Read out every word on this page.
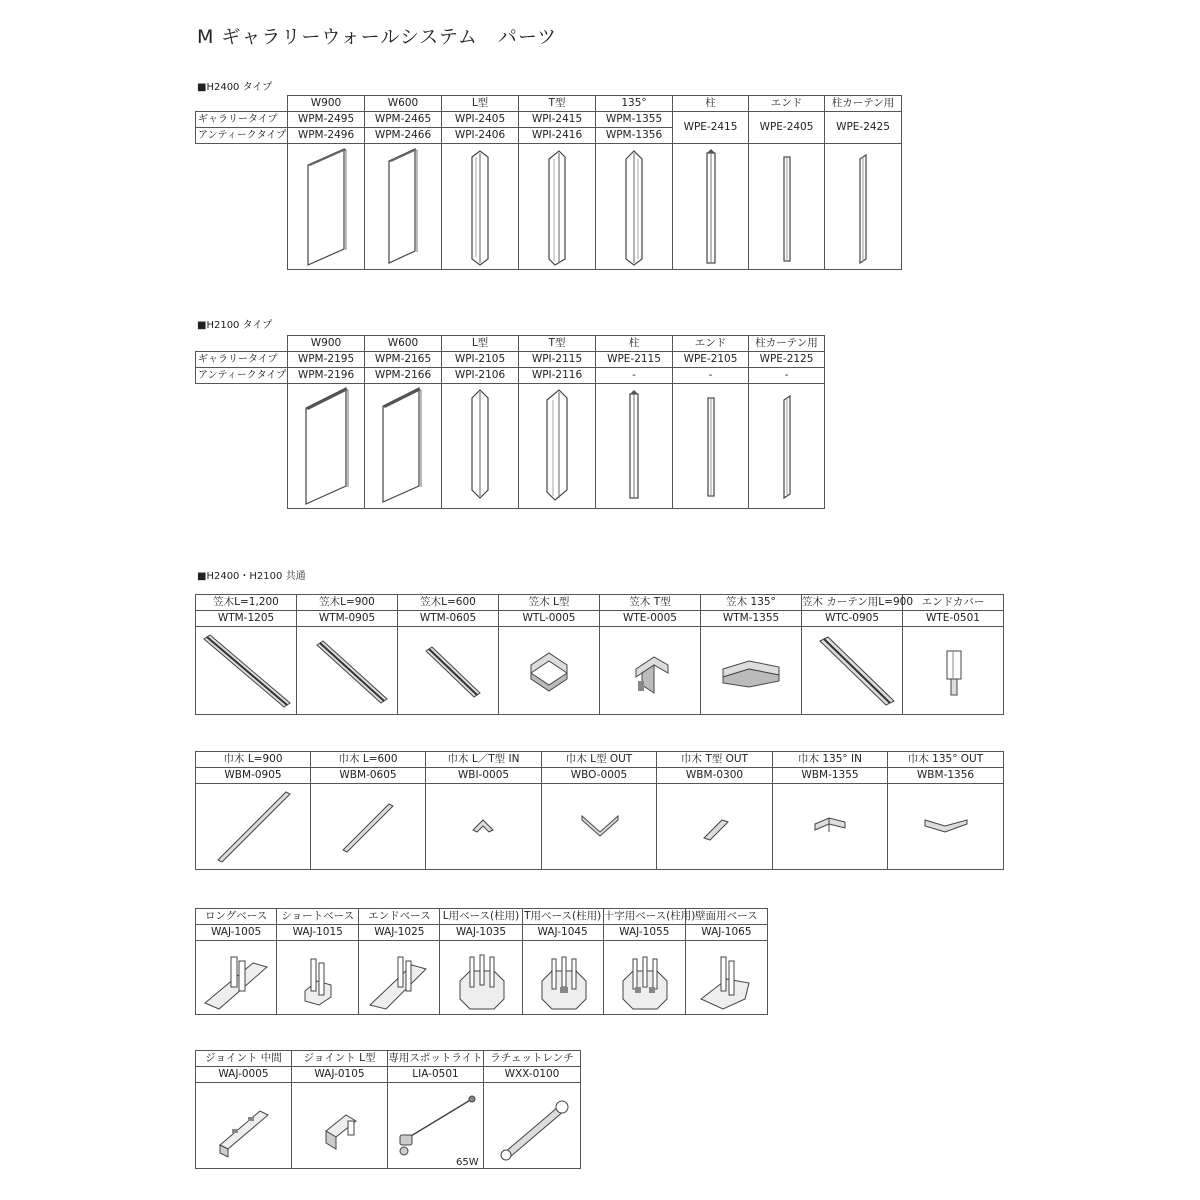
M ギャラリーウォールシステム　パーツ
■H2400 タイプ
	W900	W600	L型	T型	135°	柱	エンド	柱カーテン用
ギャラリータイプ	WPM-2495	WPM-2465	WPI-2405	WPI-2415	WPM-1355	WPE-2415	WPE-2405	WPE-2425
アンティークタイプ	WPM-2496	WPM-2466	WPI-2406	WPI-2416	WPM-1356			

■H2100 タイプ
	W900	W600	L型	T型	柱	エンド	柱カーテン用
ギャラリータイプ	WPM-2195	WPM-2165	WPI-2105	WPI-2115	WPE-2115	WPE-2105	WPE-2125
アンティークタイプ	WPM-2196	WPM-2166	WPI-2106	WPI-2116	-	-	-

■H2400・H2100 共通
笠木L=1,200	笠木L=900	笠木L=600	笠木 L型	笠木 T型	笠木 135°	笠木 カーテン用L=900	エンドカバー
WTM-1205	WTM-0905	WTM-0605	WTL-0005	WTE-0005	WTM-1355	WTC-0905	WTE-0501

巾木 L=900	巾木 L=600	巾木 L／T型 IN	巾木 L型 OUT	巾木 T型 OUT	巾木 135° IN	巾木 135° OUT
WBM-0905	WBM-0605	WBI-0005	WBO-0005	WBM-0300	WBM-1355	WBM-1356

ロングベース	ショートベース	エンドベース	L用ベース(柱用)	T用ベース(柱用)	十字用ベース(柱用)	壁面用ベース
WAJ-1005	WAJ-1015	WAJ-1025	WAJ-1035	WAJ-1045	WAJ-1055	WAJ-1065

ジョイント 中間	ジョイント L型	専用スポットライト	ラチェットレンチ
WAJ-0005	WAJ-0105	LIA-0501	WXX-0100

65W
